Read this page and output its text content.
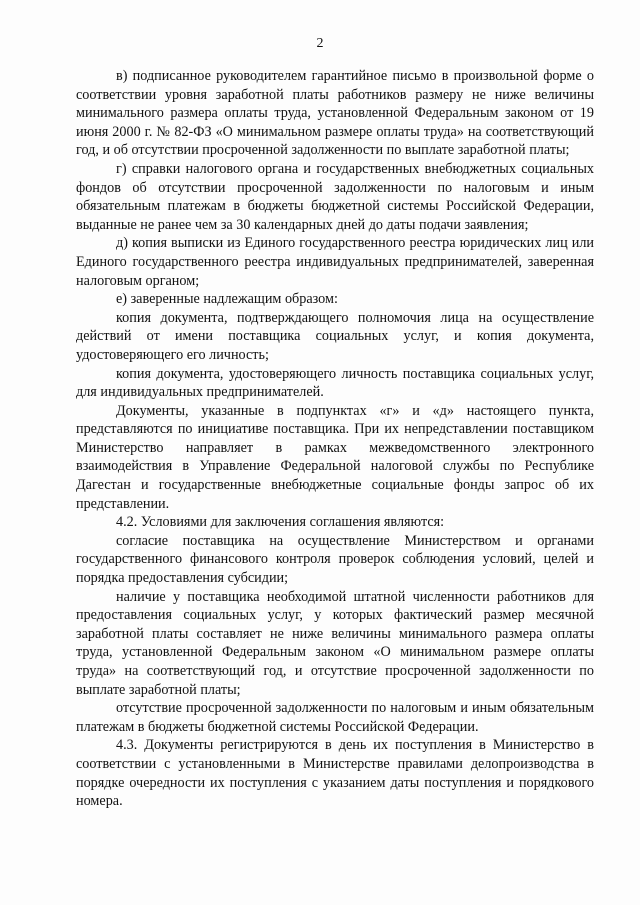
2

в) подписанное руководителем гарантийное письмо в произвольной форме о соответствии уровня заработной платы работников размеру не ниже величины минимального размера оплаты труда, установленной Федеральным законом от 19 июня 2000 г. № 82-ФЗ «О минимальном размере оплаты труда» на соответствующий год, и об отсутствии просроченной задолженности по выплате заработной платы;

г) справки налогового органа и государственных внебюджетных социальных фондов об отсутствии просроченной задолженности по налоговым и иным обязательным платежам в бюджеты бюджетной системы Российской Федерации, выданные не ранее чем за 30 календарных дней до даты подачи заявления;

д) копия выписки из Единого государственного реестра юридических лиц или Единого государственного реестра индивидуальных предпринимателей, заверенная налоговым органом;

е) заверенные надлежащим образом:

копия документа, подтверждающего полномочия лица на осуществление действий от имени поставщика социальных услуг, и копия документа, удостоверяющего его личность;

копия документа, удостоверяющего личность поставщика социальных услуг, для индивидуальных предпринимателей.

Документы, указанные в подпунктах «г» и «д» настоящего пункта, представляются по инициативе поставщика. При их непредставлении поставщиком Министерство направляет в рамках межведомственного электронного взаимодействия в Управление Федеральной налоговой службы по Республике Дагестан и государственные внебюджетные социальные фонды запрос об их представлении.

4.2. Условиями для заключения соглашения являются:

согласие поставщика на осуществление Министерством и органами государственного финансового контроля проверок соблюдения условий, целей и порядка предоставления субсидии;

наличие у поставщика необходимой штатной численности работников для предоставления социальных услуг, у которых фактический размер месячной заработной платы составляет не ниже величины минимального размера оплаты труда, установленной Федеральным законом «О минимальном размере оплаты труда» на соответствующий год, и отсутствие просроченной задолженности по выплате заработной платы;

отсутствие просроченной задолженности по налоговым и иным обязательным платежам в бюджеты бюджетной системы Российской Федерации.

4.3. Документы регистрируются в день их поступления в Министерство в соответствии с установленными в Министерстве правилами делопроизводства в порядке очередности их поступления с указанием даты поступления и порядкового номера.
